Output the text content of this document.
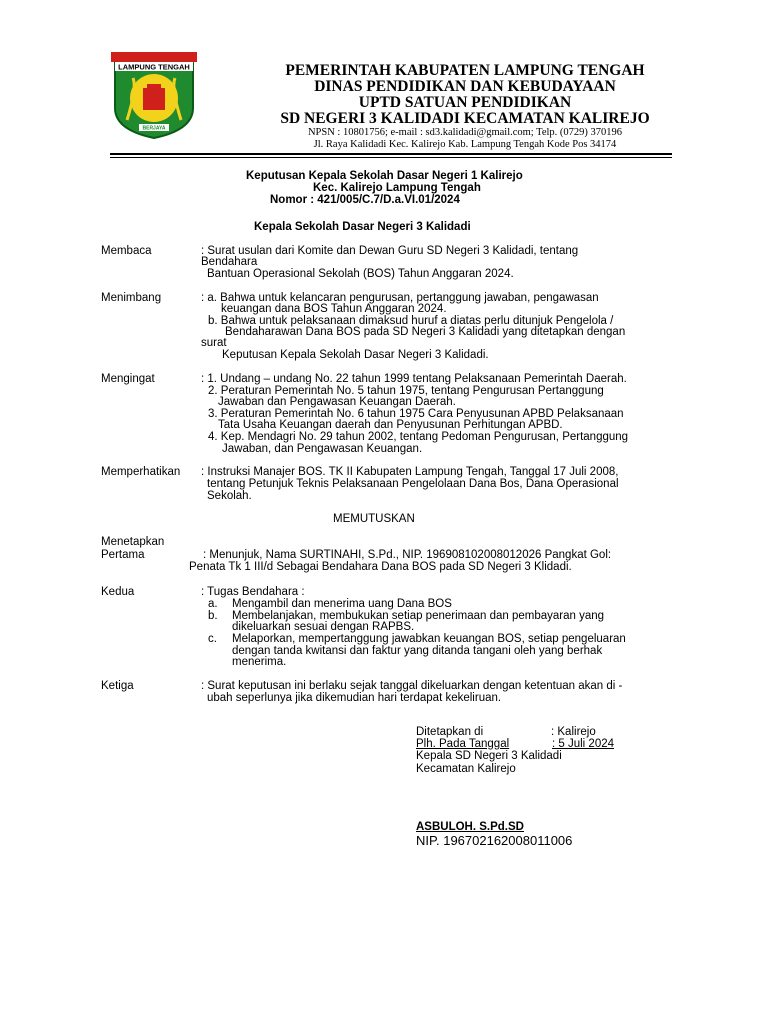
LAMPUNG TENGAH
BERJAYA
PEMERINTAH KABUPATEN LAMPUNG TENGAH
DINAS PENDIDIKAN DAN KEBUDAYAAN
UPTD SATUAN PENDIDIKAN
SD NEGERI 3 KALIDADI KECAMATAN KALIREJO
NPSN : 10801756; e-mail : sd3.kalidadi@gmail.com; Telp. (0729) 370196
Jl. Raya Kalidadi Kec. Kalirejo Kab. Lampung Tengah Kode Pos 34174
Keputusan Kepala Sekolah Dasar Negeri 1 Kalirejo
Kec. Kalirejo Lampung Tengah
Nomor : 421/005/C.7/D.a.VI.01/2024
Kepala Sekolah Dasar Negeri 3 Kalidadi
Membaca	: Surat usulan dari Komite dan Dewan Guru SD Negeri 3 Kalidadi, tentang
Bendahara
Bantuan Operasional Sekolah (BOS) Tahun Anggaran 2024.
Menimbang	: a. Bahwa untuk kelancaran pengurusan, pertanggung jawaban, pengawasan
keuangan dana BOS Tahun Anggaran 2024.
b. Bahwa untuk pelaksanaan dimaksud huruf a diatas perlu ditunjuk Pengelola /
Bendaharawan Dana BOS pada SD Negeri 3 Kalidadi yang ditetapkan dengan
surat
Keputusan Kepala Sekolah Dasar Negeri 3 Kalidadi.
Mengingat	: 1. Undang – undang No. 22 tahun 1999 tentang Pelaksanaan Pemerintah Daerah.
2. Peraturan Pemerintah No. 5 tahun 1975, tentang Pengurusan Pertanggung
Jawaban dan Pengawasan Keuangan Daerah.
3. Peraturan Pemerintah No. 6 tahun 1975 Cara Penyusunan APBD Pelaksanaan
Tata Usaha Keuangan daerah dan Penyusunan Perhitungan APBD.
4. Kep. Mendagri No. 29 tahun 2002, tentang Pedoman Pengurusan, Pertanggung
Jawaban, dan Pengawasan Keuangan.
Memperhatikan : Instruksi Manajer BOS. TK II Kabupaten Lampung Tengah, Tanggal 17 Juli 2008,
tentang Petunjuk Teknis Pelaksanaan Pengelolaan Dana Bos, Dana Operasional
Sekolah.
MEMUTUSKAN
Menetapkan
Pertama	: Menunjuk, Nama SURTINAHI, S.Pd., NIP. 196908102008012026 Pangkat Gol:
Penata Tk 1 III/d Sebagai Bendahara Dana BOS pada SD Negeri 3 Klidadi.
Kedua	: Tugas Bendahara :
a. Mengambil dan menerima uang Dana BOS
b. Membelanjakan, membukukan setiap penerimaan dan pembayaran yang
dikeluarkan sesuai dengan RAPBS.
c. Melaporkan, mempertanggung jawabkan keuangan BOS, setiap pengeluaran
dengan tanda kwitansi dan faktur yang ditanda tangani oleh yang berhak
menerima.
Ketiga	: Surat keputusan ini berlaku sejak tanggal dikeluarkan dengan ketentuan akan di -
ubah seperlunya jika dikemudian hari terdapat kekeliruan.
Ditetapkan di	: Kalirejo
Plh. Pada Tanggal	: 5 Juli 2024
Kepala SD Negeri 3 Kalidadi
Kecamatan Kalirejo
ASBULOH. S.Pd.SD
NIP. 196702162008011006
